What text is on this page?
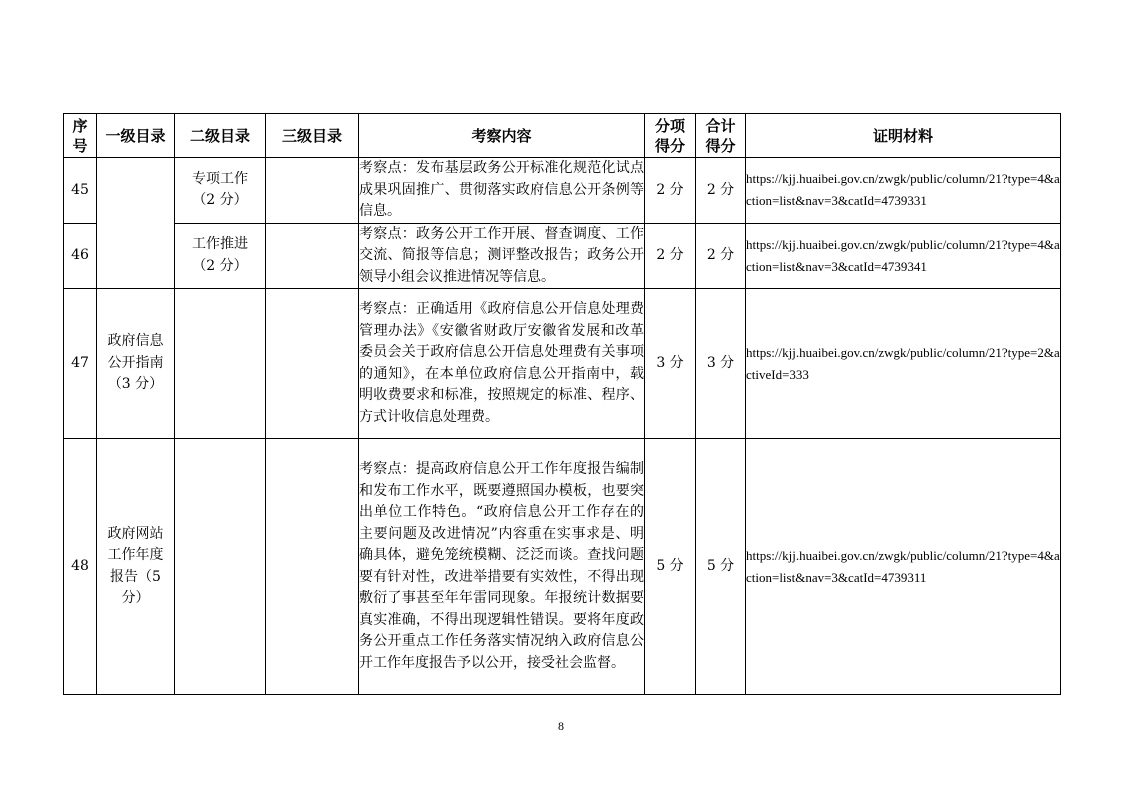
序号	一级目录	二级目录	三级目录	考察内容	分项得分	合计得分	证明材料
45		专项工作（2 分）		考察点：发布基层政务公开标准化规范化试点成果巩固推广、贯彻落实政府信息公开条例等信息。	2 分	2 分	https://kjj.huaibei.gov.cn/zwgk/public/column/21?type=4&action=list&nav=3&catId=4739331
46		工作推进（2 分）		考察点：政务公开工作开展、督查调度、工作交流、简报等信息；测评整改报告；政务公开领导小组会议推进情况等信息。	2 分	2 分	https://kjj.huaibei.gov.cn/zwgk/public/column/21?type=4&action=list&nav=3&catId=4739341
47	政府信息公开指南（3 分）			考察点：正确适用《政府信息公开信息处理费管理办法》《安徽省财政厅安徽省发展和改革委员会关于政府信息公开信息处理费有关事项的通知》，在本单位政府信息公开指南中，载明收费要求和标准，按照规定的标准、程序、方式计收信息处理费。	3 分	3 分	https://kjj.huaibei.gov.cn/zwgk/public/column/21?type=2&activeId=333
48	政府网站工作年度报告（5 分）			考察点：提高政府信息公开工作年度报告编制和发布工作水平，既要遵照国办模板，也要突出单位工作特色。“政府信息公开工作存在的主要问题及改进情况”内容重在实事求是、明确具体，避免笼统模糊、泛泛而谈。查找问题要有针对性，改进举措要有实效性，不得出现敷衍了事甚至年年雷同现象。年报统计数据要真实准确，不得出现逻辑性错误。要将年度政务公开重点工作任务落实情况纳入政府信息公开工作年度报告予以公开，接受社会监督。	5 分	5 分	https://kjj.huaibei.gov.cn/zwgk/public/column/21?type=4&action=list&nav=3&catId=4739311
8
